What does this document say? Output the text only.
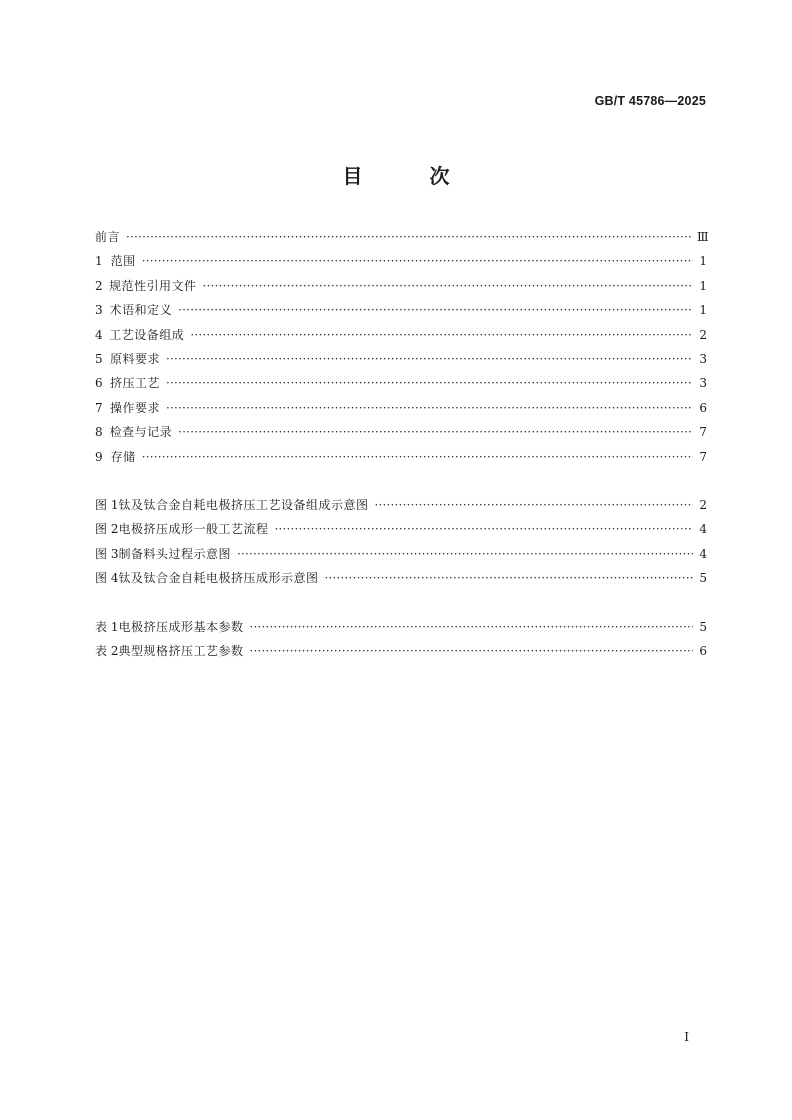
GB/T 45786—2025
目 次
前言 ·····	Ⅲ
1 范围 ·····	1
2 规范性引用文件 ·····	1
3 术语和定义 ·····	1
4 工艺设备组成 ·····	2
5 原料要求 ·····	3
6 挤压工艺 ·····	3
7 操作要求 ·····	6
8 检查与记录 ·····	7
9 存储 ·····	7
图 1 钛及钛合金自耗电极挤压工艺设备组成示意图 ·····	2
图 2 电极挤压成形一般工艺流程 ·····	4
图 3 制备料头过程示意图 ·····	4
图 4 钛及钛合金自耗电极挤压成形示意图 ·····	5
表 1 电极挤压成形基本参数 ·····	5
表 2 典型规格挤压工艺参数 ·····	6
I
